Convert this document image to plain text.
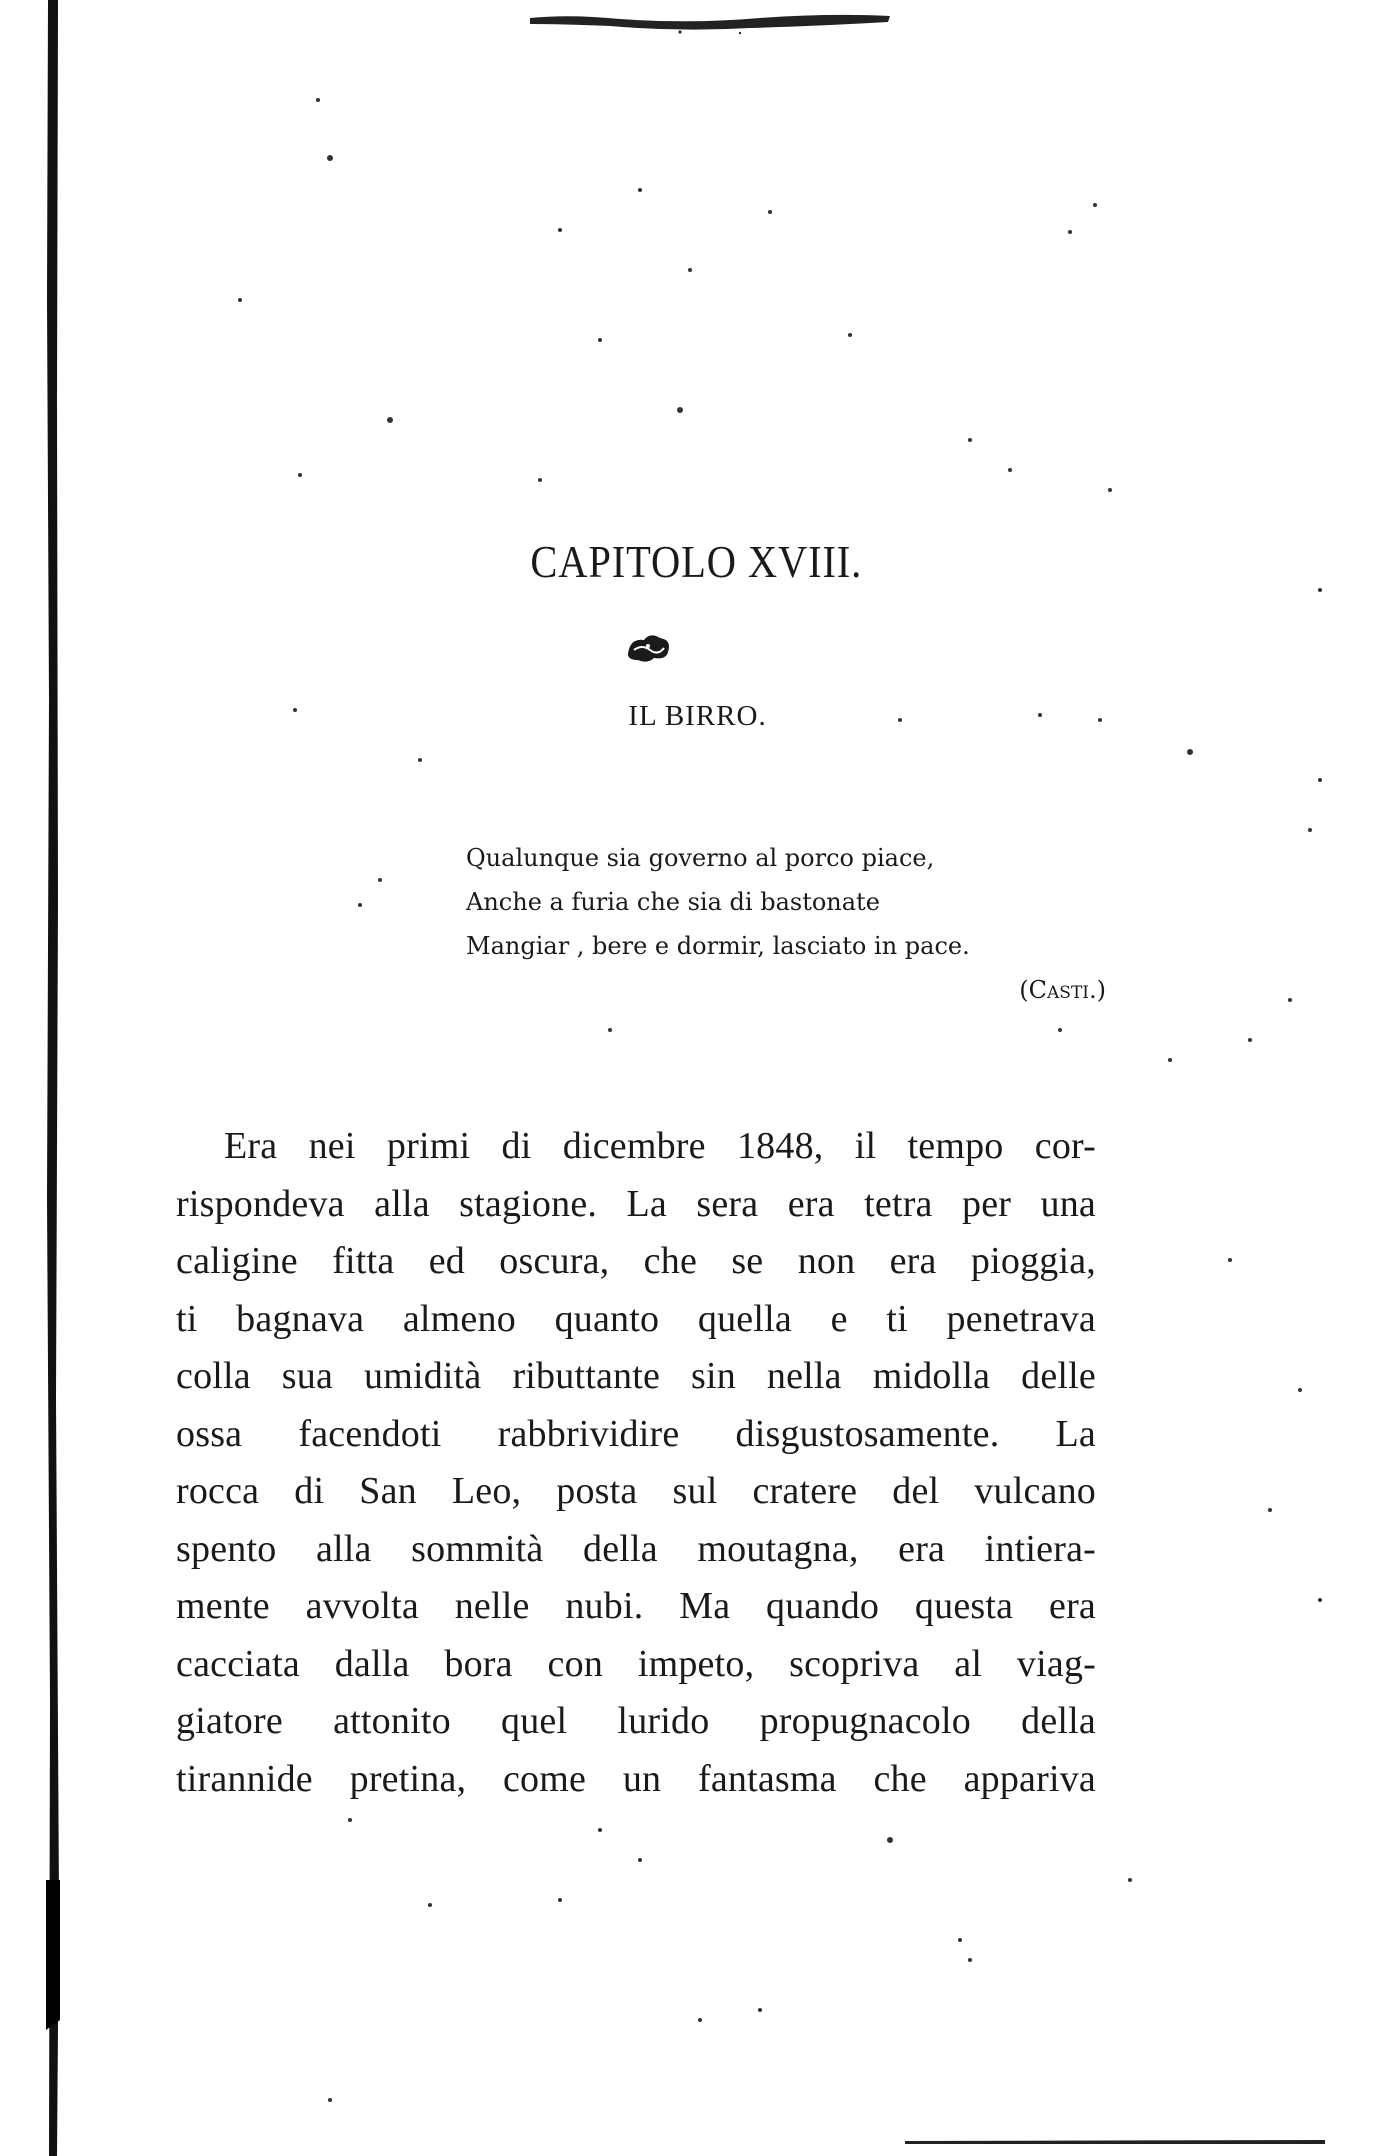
CAPITOLO XVIII.
IL BIRRO.
Qualunque sia governo al porco piace,
Anche a furia che sia di bastonate
Mangiar , bere e dormir, lasciato in pace.
(Casti.)
Era nei primi di dicembre 1848, il tempo cor-
rispondeva alla stagione. La sera era tetra per una
caligine fitta ed oscura, che se non era pioggia,
ti bagnava almeno quanto quella e ti penetrava
colla sua umidità ributtante sin nella midolla delle
ossa facendoti rabbrividire disgustosamente. La
rocca di San Leo, posta sul cratere del vulcano
spento alla sommità della moutagna, era intiera-
mente avvolta nelle nubi. Ma quando questa era
cacciata dalla bora con impeto, scopriva al viag-
giatore attonito quel lurido propugnacolo della
tirannide pretina, come un fantasma che appariva
